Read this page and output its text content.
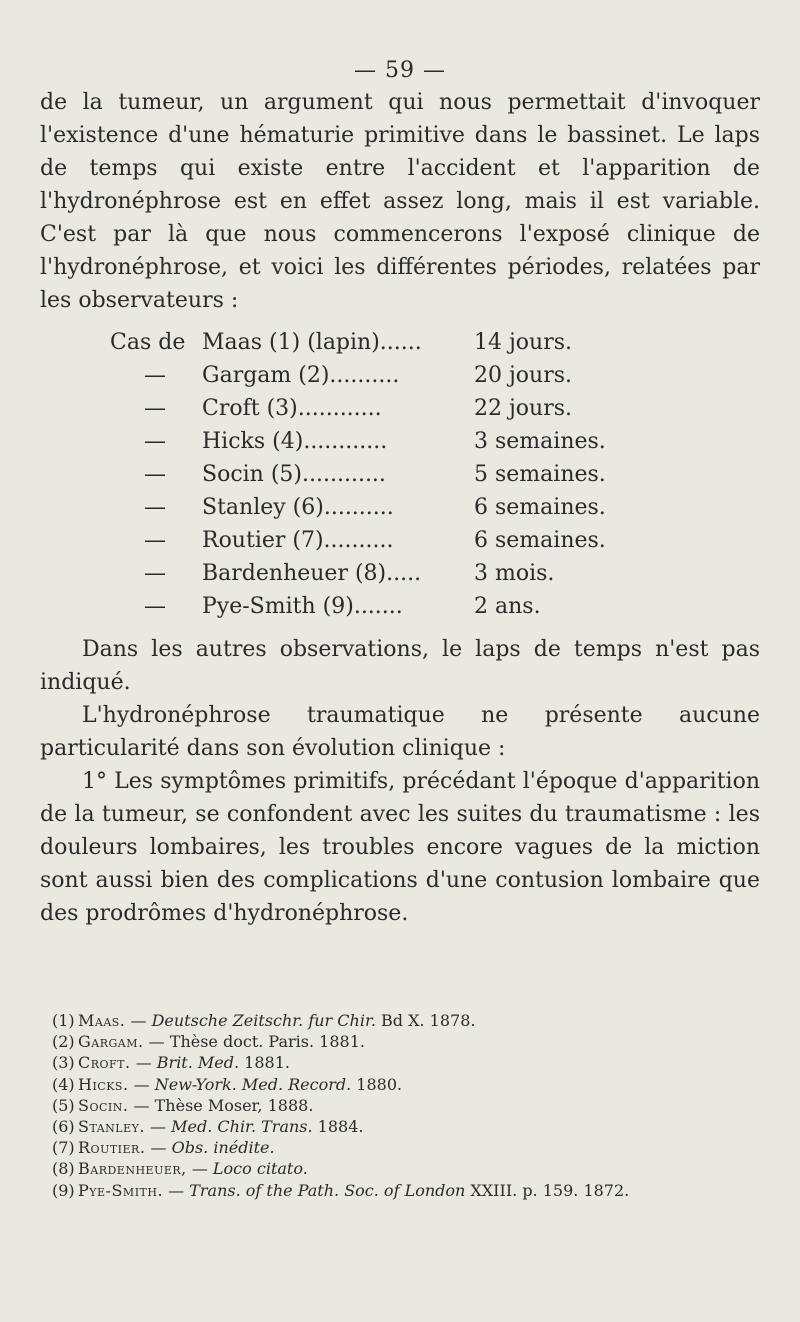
— 59 —

de la tumeur, un argument qui nous permettait d'invoquer l'existence d'une hématurie primitive dans le bassinet. Le laps de temps qui existe entre l'accident et l'apparition de l'hydronéphrose est en effet assez long, mais il est variable. C'est par là que nous commencerons l'exposé clinique de l'hydronéphrose, et voici les différentes périodes, relatées par les observateurs :

Cas de Maas (1) (lapin)...... 14 jours.
—	Gargam (2)..........	20 jours.
—	Croft (3)............	22 jours.
—	Hicks (4)............	3 semaines.
—	Socin (5)............	5 semaines.
—	Stanley (6)..........	6 semaines.
—	Routier (7)..........	6 semaines.
—	Bardenheuer (8)..... 3 mois.
—	Pye-Smith (9).......	2 ans.

Dans les autres observations, le laps de temps n'est pas indiqué.

L'hydronéphrose traumatique ne présente aucune particularité dans son évolution clinique :

1° Les symptômes primitifs, précédant l'époque d'apparition de la tumeur, se confondent avec les suites du traumatisme : les douleurs lombaires, les troubles encore vagues de la miction sont aussi bien des complications d'une contusion lombaire que des prodrômes d'hydronéphrose.

(1) Maas. — Deutsche Zeitschr. fur Chir. Bd X. 1878.
(2) Gargam. — Thèse doct. Paris. 1881.
(3) Croft. — Brit. Med. 1881.
(4) Hicks. — New-York. Med. Record. 1880.
(5) Socin. — Thèse Moser, 1888.
(6) Stanley. — Med. Chir. Trans. 1884.
(7) Routier. — Obs. inédite.
(8) Bardenheuer, — Loco citato.
(9) Pye-Smith. — Trans. of the Path. Soc. of London XXIII. p. 159. 1872.
